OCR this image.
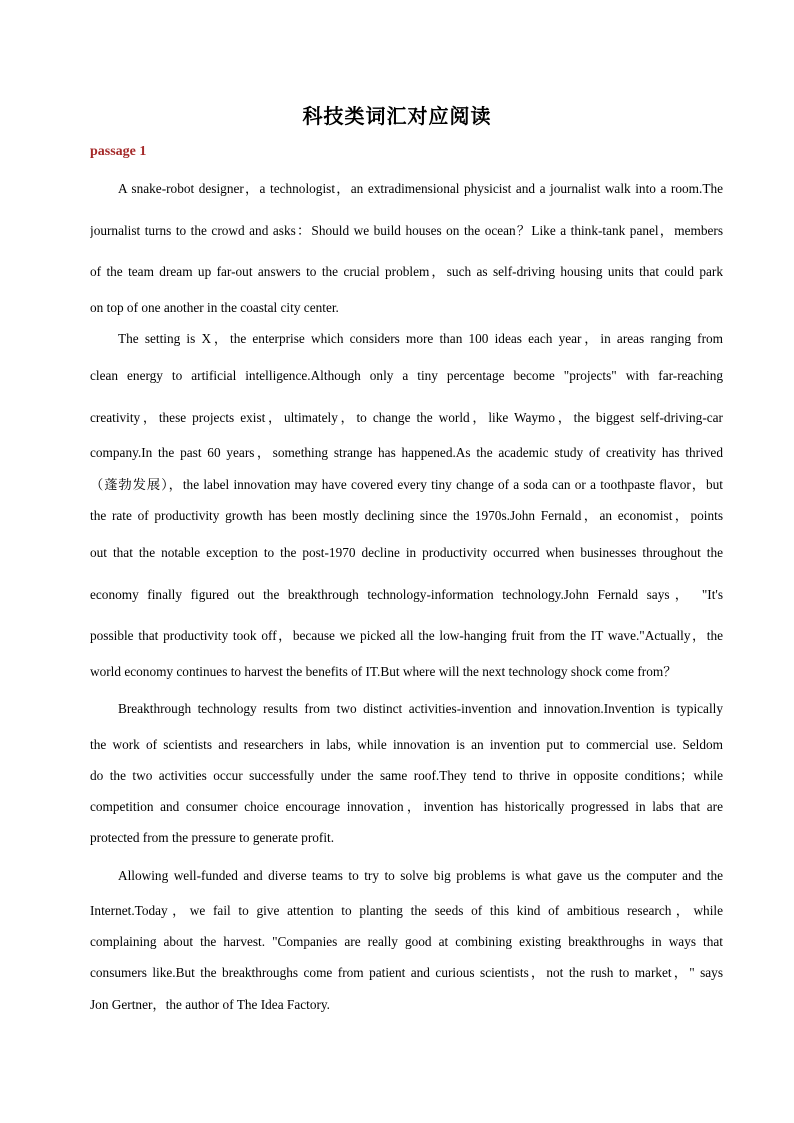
科技类词汇对应阅读
passage 1
A snake-robot designer，a technologist，an extradimensional physicist and a journalist walk into a room.The
journalist turns to the crowd and asks：Should we build houses on the ocean？Like a think-tank panel，members
of the team dream up far-out answers to the crucial problem，such as self-driving housing units that could park
on top of one another in the coastal city center.
The setting is X，the enterprise which considers more than 100 ideas each year，in areas ranging from
clean energy to artificial intelligence.Although only a tiny percentage become "projects" with far-reaching
creativity，these projects exist，ultimately，to change the world，like Waymo，the biggest self-driving-car
company.In the past 60 years，something strange has happened.As the academic study of creativity has thrived
（蓬勃发展），the label innovation may have covered every tiny change of a soda can or a toothpaste flavor，but
the rate of productivity growth has been mostly declining since the 1970s.John Fernald，an economist，points
out that the notable exception to the post-1970 decline in productivity occurred when businesses throughout the
economy finally figured out the breakthrough technology-information technology.John Fernald says， "It's
possible that productivity took off，because we picked all the low-hanging fruit from the IT wave."Actually，the
world economy continues to harvest the benefits of IT.But where will the next technology shock come from？
Breakthrough technology results from two distinct activities-invention and innovation.Invention is typically
the work of scientists and researchers in labs, while innovation is an invention put to commercial use. Seldom
do the two activities occur successfully under the same roof.They tend to thrive in opposite conditions；while
competition and consumer choice encourage innovation，invention has historically progressed in labs that are
protected from the pressure to generate profit.
Allowing well-funded and diverse teams to try to solve big problems is what gave us the computer and the
Internet.Today，we fail to give attention to planting the seeds of this kind of ambitious research，while
complaining about the harvest. "Companies are really good at combining existing breakthroughs in ways that
consumers like.But the breakthroughs come from patient and curious scientists，not the rush to market，" says
Jon Gertner，the author of The Idea Factory.
